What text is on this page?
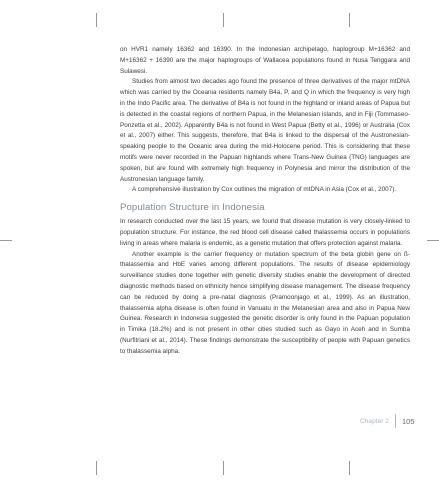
on HVR1 namely 16362 and 16390. In the Indonesian archipelago, haplogroup M+16362 and M+16362 + 16390 are the major haplogroups of Wallacea populations found in Nusa Tenggara and Sulawesi.

Studies from almost two decades ago found the presence of three derivatives of the major mtDNA which was carried by the Oceania residents namely B4a, P, and Q in which the frequency is very high in the Indo Pacific area. The derivative of B4a is not found in the highland or inland areas of Papua but is detected in the coastal regions of northern Papua, in the Melanesian islands, and in Fiji (Tommaseo-Ponzetta et al., 2002). Apparently B4a is not found in West Papua (Betty et al., 1996) or Australia (Cox et al., 2007) either. This suggests, therefore, that B4a is linked to the dispersal of the Austronesian-speaking people to the Oceanic area during the mid-Holocene period. This is considering that these motifs were never recorded in the Papuan highlands where Trans-New Guinea (TNG) languages are spoken, but are found with extremely high frequency in Polynesia and mirror the distribution of the Austronesian language family.

A comprehensive illustration by Cox outlines the migration of mtDNA in Asia (Cox et al., 2007).

Population Structure in Indonesia

In research conducted over the last 15 years, we found that disease mutation is very closely-linked to population structure. For instance, the red blood cell disease called thalassemia occurs in populations living in areas where malaria is endemic, as a genetic mutation that offers protection against malaria.

Another example is the carrier frequency or mutation spectrum of the beta globin gene on ß-thalassemia and HbE varies among different populations. The results of disease epidemiology surveillance studies done together with genetic diversity studies enable the development of directed diagnostic methods based on ethnicity hence simplifying disease management. The disease frequency can be reduced by doing a pre-natal diagnosis (Pramoonjago et al., 1999). As an illustration, thalassemia alpha disease is often found in Vanuatu in the Melanesian area and also in Papua New Guinea. Research in Indonesia suggested the genetic disorder is only found in the Papuan population in Timika (18.2%) and is not present in other cities studied such as Gayo in Aceh and in Sumba (Nurfitriani et al., 2014). These findings demonstrate the susceptibility of people with Papuan genetics to thalassemia alpha.

Chapter 2 105
